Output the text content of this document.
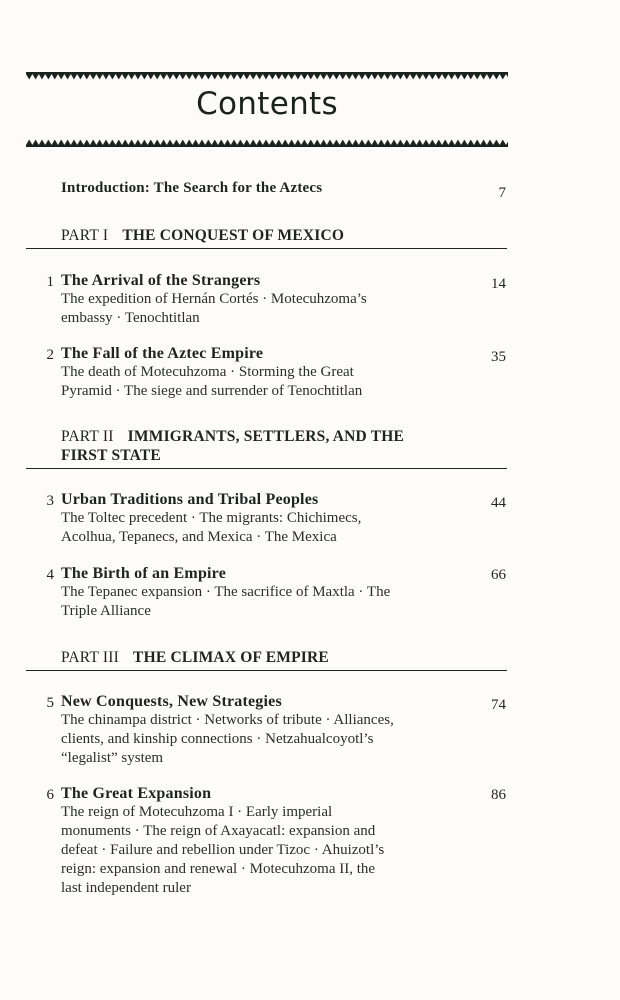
Contents
Introduction: The Search for the Aztecs	7
PART I THE CONQUEST OF MEXICO
1 The Arrival of the Strangers	14
The expedition of Hernán Cortés · Motecuhzoma’s
embassy · Tenochtitlan
2 The Fall of the Aztec Empire	35
The death of Motecuhzoma · Storming the Great
Pyramid · The siege and surrender of Tenochtitlan
PART II IMMIGRANTS, SETTLERS, AND THE
FIRST STATE
3 Urban Traditions and Tribal Peoples	44
The Toltec precedent · The migrants: Chichimecs,
Acolhua, Tepanecs, and Mexica · The Mexica
4 The Birth of an Empire	66
The Tepanec expansion · The sacrifice of Maxtla · The
Triple Alliance
PART III THE CLIMAX OF EMPIRE
5 New Conquests, New Strategies	74
The chinampa district · Networks of tribute · Alliances,
clients, and kinship connections · Netzahualcoyotl’s
“legalist” system
6 The Great Expansion	86
The reign of Motecuhzoma I · Early imperial
monuments · The reign of Axayacatl: expansion and
defeat · Failure and rebellion under Tizoc · Ahuizotl’s
reign: expansion and renewal · Motecuhzoma II, the
last independent ruler
